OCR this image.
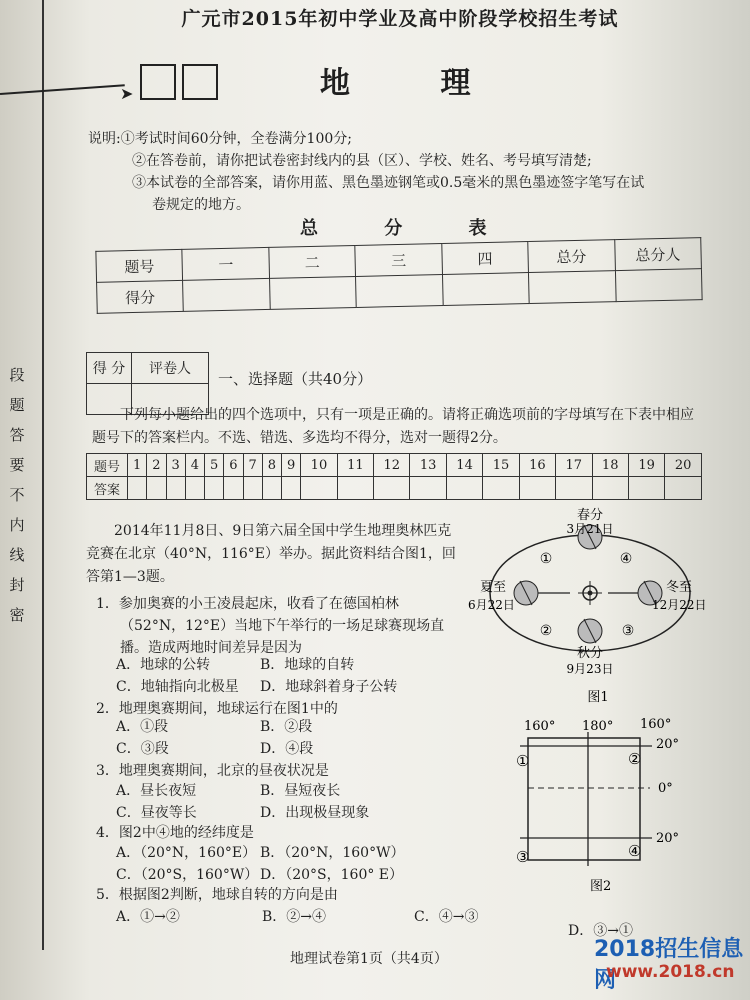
段
题
答
要
不
内
线
封
密
➤
广元市2015年初中学业及高中阶段学校招生考试
地 理
说明:①考试时间60分钟，全卷满分100分;
②在答卷前，请你把试卷密封线内的县（区）、学校、姓名、考号填写清楚;
③本试卷的全部答案，请你用蓝、黑色墨迹钢笔或0.5毫米的黑色墨迹签字笔写在试
卷规定的地方。
总 分 表
题号	一	二	三	四	总分	总分人
得分						
得 分	评卷人

一、选择题（共40分）
下列每小题给出的四个选项中，只有一项是正确的。请将正确选项前的字母填写在下表中相应题号下的答案栏内。不选、错选、多选均不得分，选对一题得2分。
题号	1	2	3	4	5	6	7	8	9	10	11	12	13	14	15	16	17	18	19	20
答案																				
2014年11月8日、9日第六届全国中学生地理奥林匹克竞赛在北京（40°N，116°E）举办。据此资料结合图1，回答第1—3题。
1．参加奥赛的小王凌晨起床，收看了在德国柏林（52°N，12°E）当地下午举行的一场足球赛现场直播。造成两地时间差异是因为
A．地球的公转	B．地球的自转
C．地轴指向北极星 D．地球斜着身子公转
2．地理奥赛期间，地球运行在图1中的
A．①段	B．②段
C．③段	D．④段
3．地理奥赛期间，北京的昼夜状况是
A．昼长夜短	B．昼短夜长
C．昼夜等长	D．出现极昼现象
4．图2中④地的经纬度是
A．（20°N，160°E） B．（20°N，160°W）
C．（20°S，160°W） D．（20°S，160° E）
5．根据图2判断，地球自转的方向是由
A．①→②	B．②→④	C．④→③
D．③→①
春分
3月21日
夏至
6月22日
冬至
12月22日
秋分
9月23日
①
②	③
④
图1
160° 180° 160°
20°
0°
20°
①	②
③	④
图2
地理试卷第1页（共4页）	2018招生信息网
www.2018.cn
